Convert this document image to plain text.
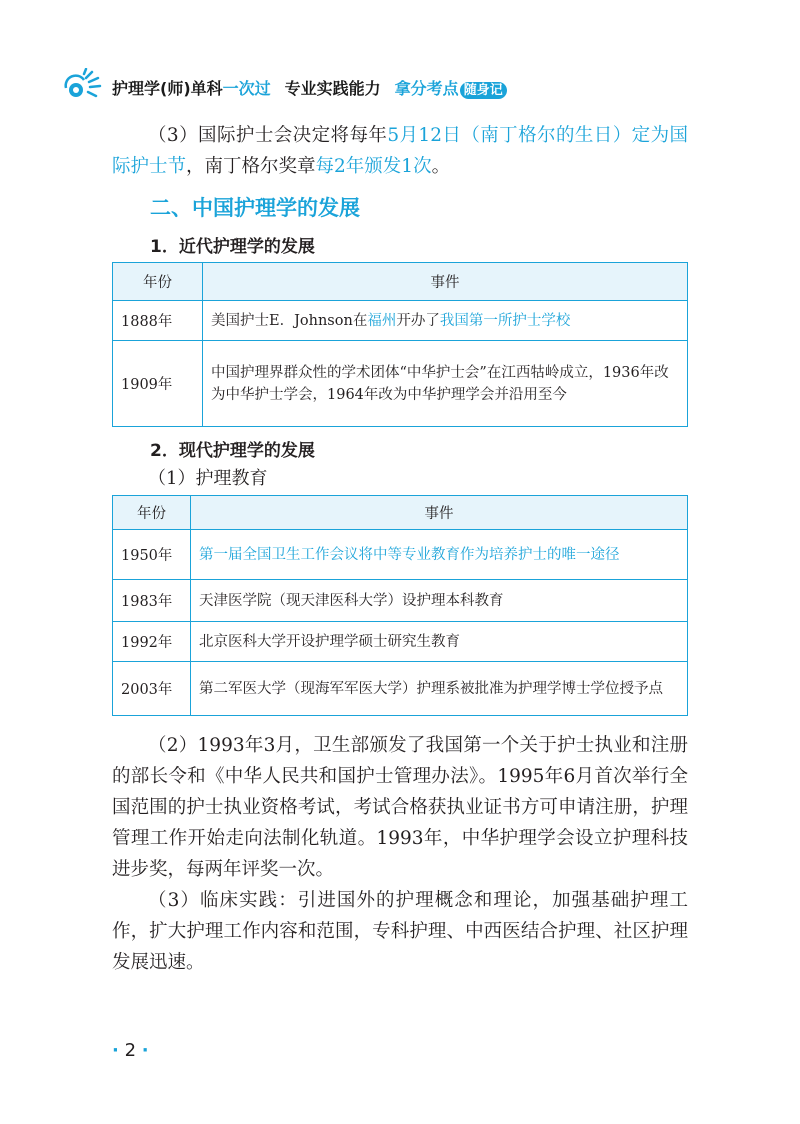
护理学(师)单科一次过 专业实践能力 拿分考点 随身记
（3）国际护士会决定将每年5月12日（南丁格尔的生日）定为国际护士节，南丁格尔奖章每2年颁发1次。
二、中国护理学的发展
1．近代护理学的发展
年份	事件
1888年	美国护士E．Johnson在福州开办了我国第一所护士学校
1909年	中国护理界群众性的学术团体“中华护士会”在江西牯岭成立，1936年改为中华护士学会，1964年改为中华护理学会并沿用至今
2．现代护理学的发展
（1）护理教育
年份	事件
1950年	第一届全国卫生工作会议将中等专业教育作为培养护士的唯一途径
1983年	天津医学院（现天津医科大学）设护理本科教育
1992年	北京医科大学开设护理学硕士研究生教育
2003年	第二军医大学（现海军军医大学）护理系被批准为护理学博士学位授予点
（2）1993年3月，卫生部颁发了我国第一个关于护士执业和注册的部长令和《中华人民共和国护士管理办法》。1995年6月首次举行全国范围的护士执业资格考试，考试合格获执业证书方可申请注册，护理管理工作开始走向法制化轨道。1993年，中华护理学会设立护理科技进步奖，每两年评奖一次。
（3）临床实践：引进国外的护理概念和理论，加强基础护理工作，扩大护理工作内容和范围，专科护理、中西医结合护理、社区护理发展迅速。
· 2 ·
